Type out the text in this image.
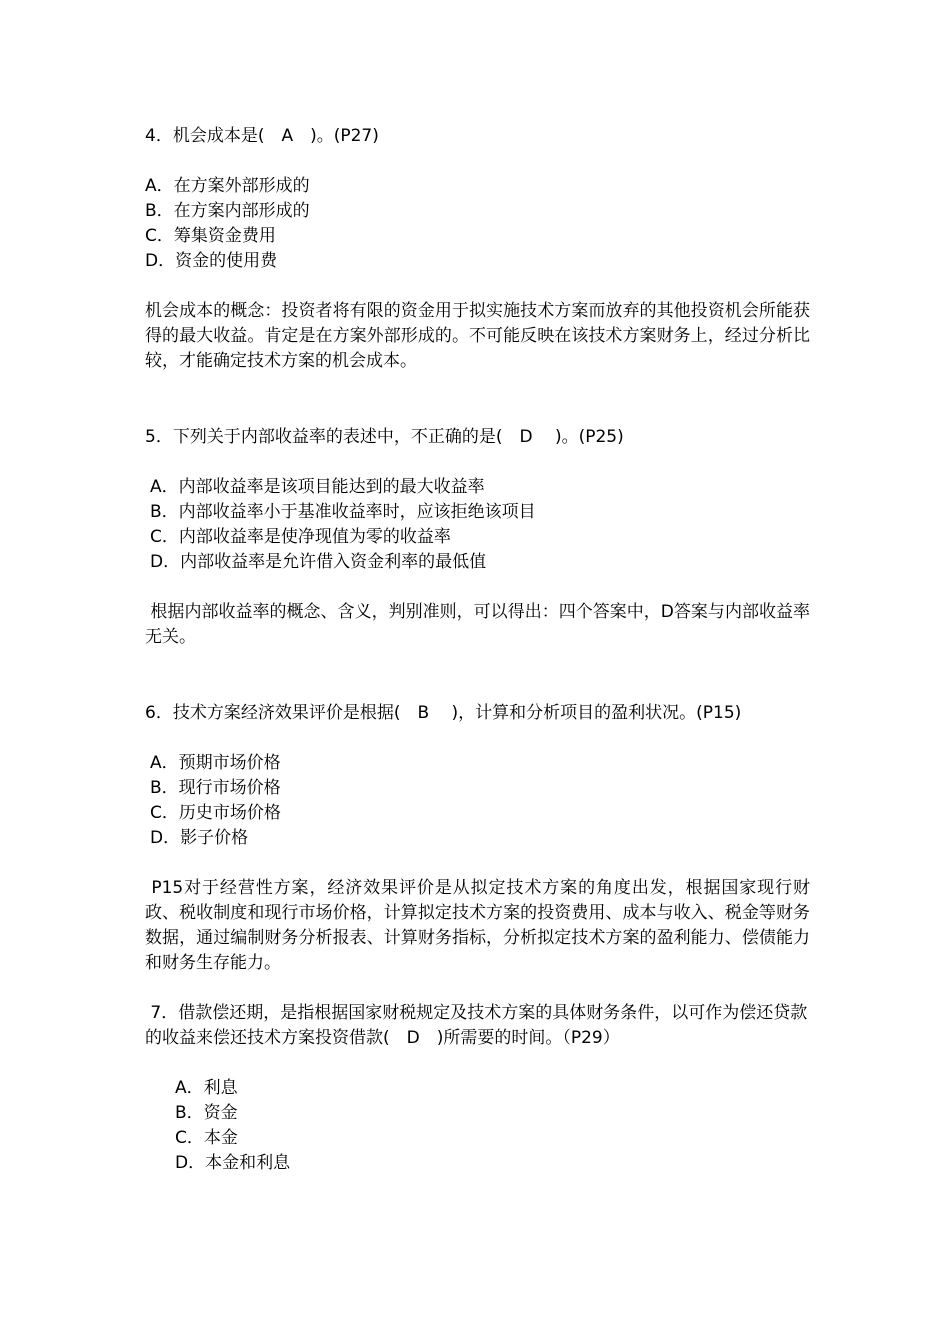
4．机会成本是(　A　)。(P27)

A．在方案外部形成的
B．在方案内部形成的
C．筹集资金费用
D．资金的使用费
机会成本的概念：投资者将有限的资金用于拟实施技术方案而放弃的其他投资机会所能获得的最大收益。肯定是在方案外部形成的。不可能反映在该技术方案财务上，经过分析比较，才能确定技术方案的机会成本。

5．下列关于内部收益率的表述中，不正确的是(　D　 )。(P25)

A．内部收益率是该项目能达到的最大收益率
B．内部收益率小于基准收益率时，应该拒绝该项目
C．内部收益率是使净现值为零的收益率
D．内部收益率是允许借入资金利率的最低值
根据内部收益率的概念、含义，判别准则，可以得出：四个答案中，D答案与内部收益率无关。

6．技术方案经济效果评价是根据(　B　 )，计算和分析项目的盈利状况。(P15)

A．预期市场价格
B．现行市场价格
C．历史市场价格
D．影子价格
P15对于经营性方案，经济效果评价是从拟定技术方案的角度出发，根据国家现行财政、税收制度和现行市场价格，计算拟定技术方案的投资费用、成本与收入、税金等财务数据，通过编制财务分析报表、计算财务指标，分析拟定技术方案的盈利能力、偿债能力和财务生存能力。

7．借款偿还期，是指根据国家财税规定及技术方案的具体财务条件，以可作为偿还贷款的收益来偿还技术方案投资借款(　D　)所需要的时间。（P29）

A．利息
B．资金
C．本金
D．本金和利息
